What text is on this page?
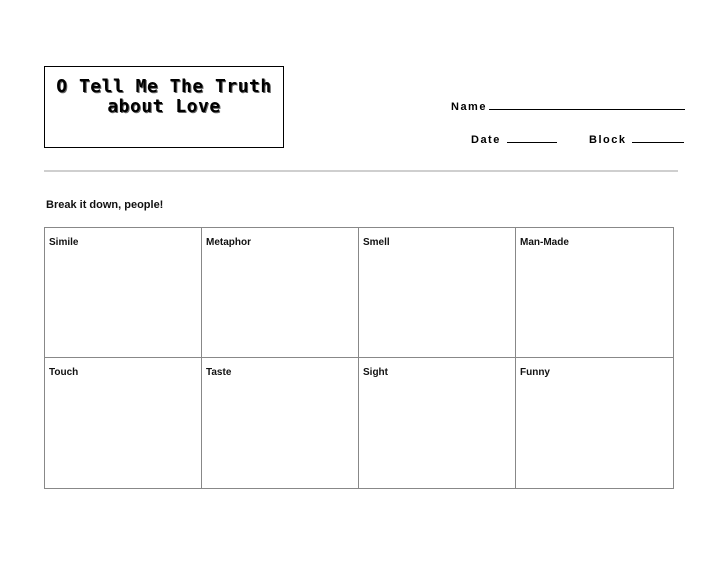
O Tell Me The Truth
about Love	Name
Date	Block
Break it down, people!
Simile	Metaphor	Smell	Man-Made
Touch	Taste	Sight	Funny
